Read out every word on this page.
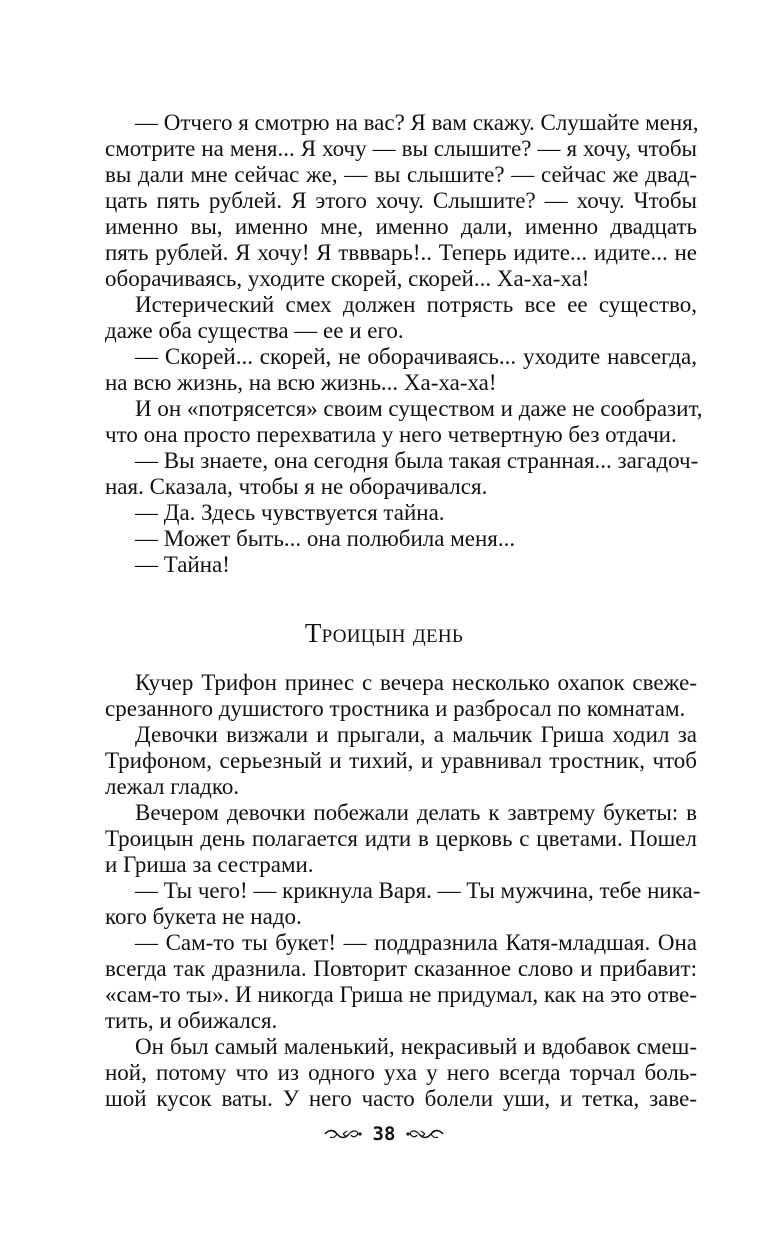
— Отчего я смотрю на вас? Я вам скажу. Слушайте меня,
смотрите на меня... Я хочу — вы слышите? — я хочу, чтобы
вы дали мне сейчас же, — вы слышите? — сейчас же двад-
цать пять рублей. Я этого хочу. Слышите? — хочу. Чтобы
именно вы, именно мне, именно дали, именно двадцать
пять рублей. Я хочу! Я тввварь!.. Теперь идите... идите... не
оборачиваясь, уходите скорей, скорей... Ха-ха-ха!
Истерический смех должен потрясть все ее существо,
даже оба существа — ее и его.
— Скорей... скорей, не оборачиваясь... уходите навсегда,
на всю жизнь, на всю жизнь... Ха-ха-ха!
И он «потрясется» своим существом и даже не сообразит,
что она просто перехватила у него четвертную без отдачи.
— Вы знаете, она сегодня была такая странная... загадоч-
ная. Сказала, чтобы я не оборачивался.
— Да. Здесь чувствуется тайна.
— Может быть... она полюбила меня...
— Тайна!
Троицын день
Кучер Трифон принес с вечера несколько охапок свеже-
срезанного душистого тростника и разбросал по комнатам.
Девочки визжали и прыгали, а мальчик Гриша ходил за
Трифоном, серьезный и тихий, и уравнивал тростник, чтоб
лежал гладко.
Вечером девочки побежали делать к завтрему букеты: в
Троицын день полагается идти в церковь с цветами. Пошел
и Гриша за сестрами.
— Ты чего! — крикнула Варя. — Ты мужчина, тебе ника-
кого букета не надо.
— Сам-то ты букет! — поддразнила Катя-младшая. Она
всегда так дразнила. Повторит сказанное слово и прибавит:
«сам-то ты». И никогда Гриша не придумал, как на это отве-
тить, и обижался.
Он был самый маленький, некрасивый и вдобавок смеш-
ной, потому что из одного уха у него всегда торчал боль-
шой кусок ваты. У него часто болели уши, и тетка, заве-
38
